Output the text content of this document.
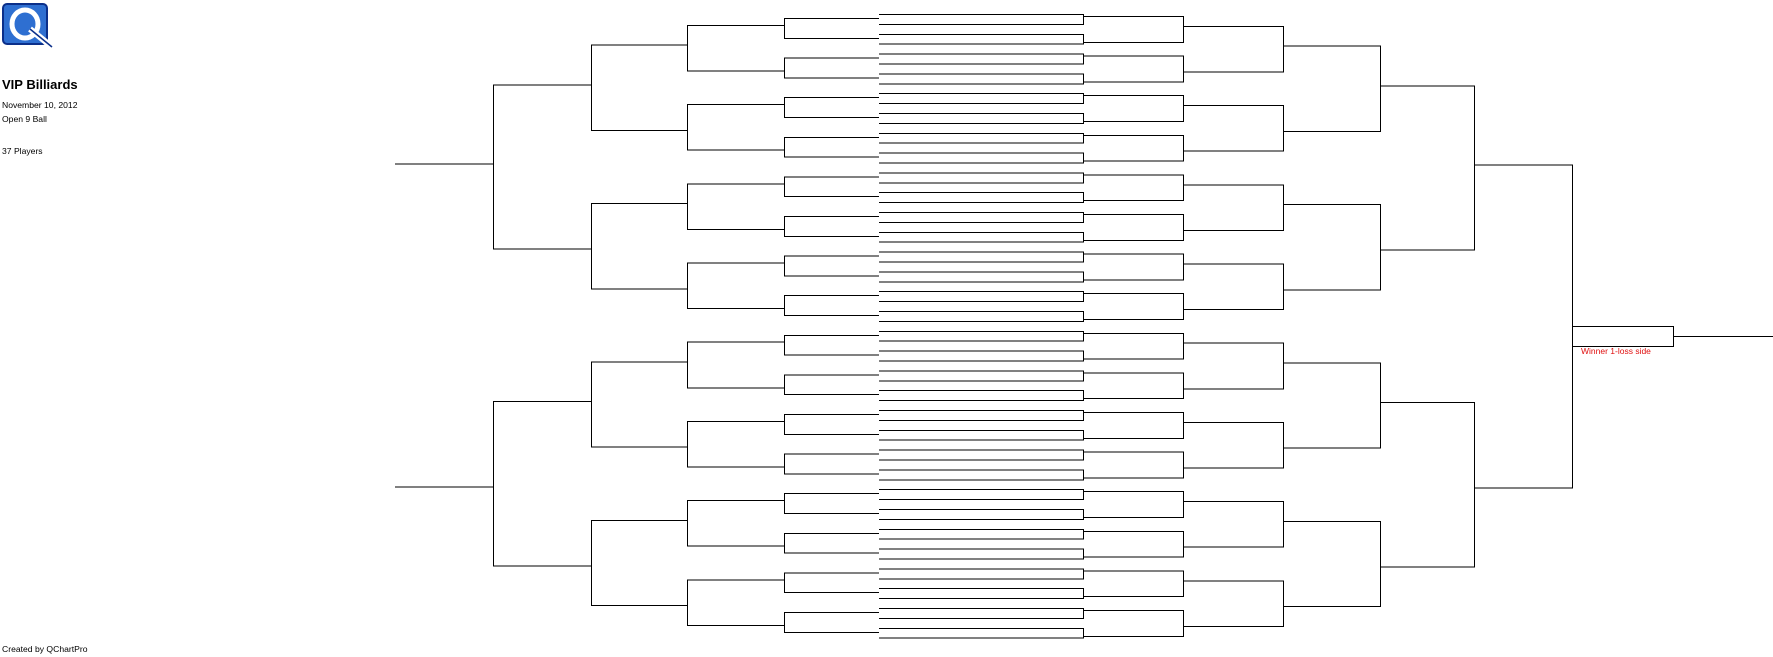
VIP Billiards
November 10, 2012
Open 9 Ball
37 Players
Created by QChartPro
Winner 1-loss side
